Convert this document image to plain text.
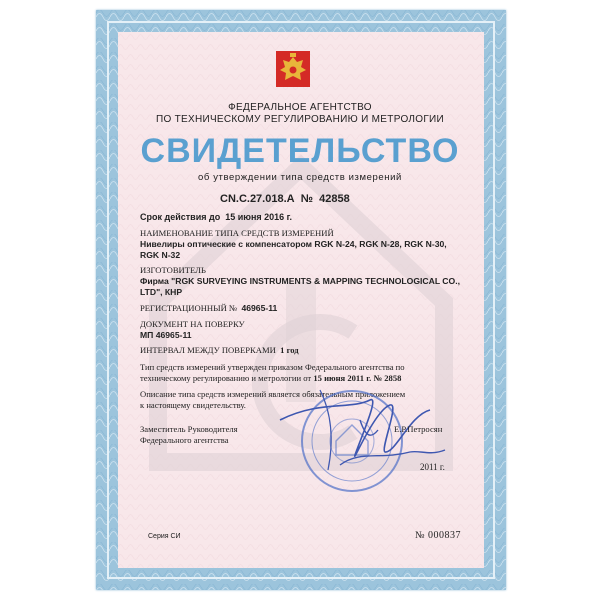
ФЕДЕРАЛЬНОЕ АГЕНТСТВО
ПО ТЕХНИЧЕСКОМУ РЕГУЛИРОВАНИЮ И МЕТРОЛОГИИ
СВИДЕТЕЛЬСТВО
об утверждении типа средств измерений
CN.C.27.018.A № 42858
Срок действия до 15 июня 2016 г.
НАИМЕНОВАНИЕ ТИПА СРЕДСТВ ИЗМЕРЕНИЙ
Нивелиры оптические с компенсатором RGK N-24, RGK N-28, RGK N-30,
RGK N-32
ИЗГОТОВИТЕЛЬ
Фирма "RGK SURVEYING INSTRUMENTS & MAPPING TECHNOLOGICAL CO.,
LTD", КНР
РЕГИСТРАЦИОННЫЙ № 46965-11
ДОКУМЕНТ НА ПОВЕРКУ
МП 46965-11
ИНТЕРВАЛ МЕЖДУ ПОВЕРКАМИ 1 год
Тип средств измерений утвержден приказом Федерального агентства по
техническому регулированию и метрологии от 15 июня 2011 г. № 2858
Описание типа средств измерений является обязательным приложением
к настоящему свидетельству.
Заместитель Руководителя
Федерального агентства
Е.Р.Петросян
2011 г.
Серия СИ	№ 000837
